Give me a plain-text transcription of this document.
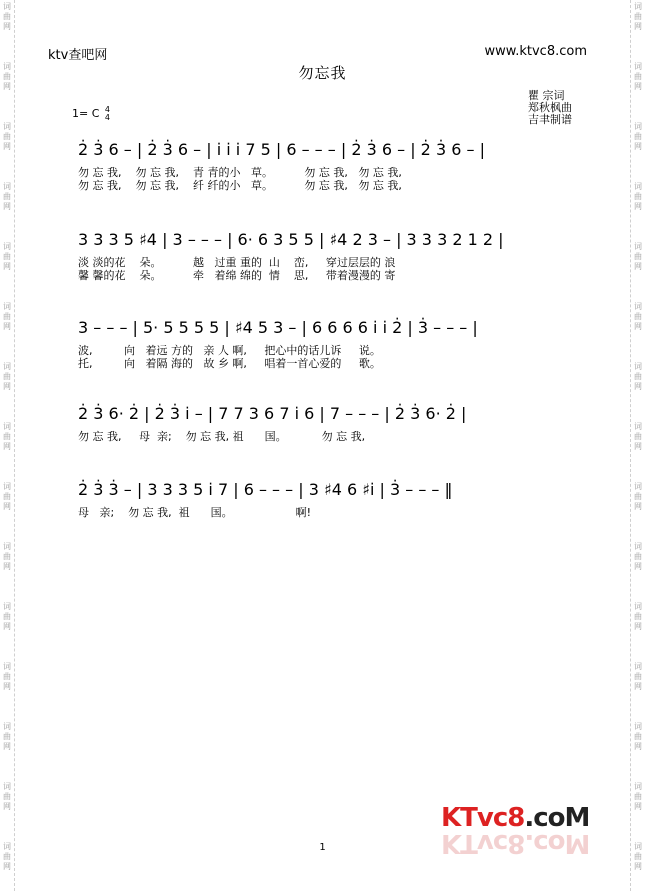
词
曲
网
词
曲
网
词
曲
网
词
曲
网
词
曲
网
词
曲
网
词
曲
网
词
曲
网
词
曲
网
词
曲
网
词
曲
网
词
曲
网
词
曲
网
词
曲
网
词
曲
网
词
曲
网
词
曲
网
词
曲
网
词
曲
网
词
曲
网
词
曲
网
词
曲
网
词
曲
网
词
曲
网
词
曲
网
词
曲
网
词
曲
网
词
曲
网
词
曲
网
词
曲
网
ktv查吧网	www.ktvc8.com
勿忘我
瞿 宗词
郑秋枫曲
吉聿制谱
1= C 4
4
2̇ 3̇ 6 – | 2̇ 3̇ 6 – | i̇ i̇ i̇ 7 5 | 6 – – – | 2̇ 3̇ 6 – | 2̇ 3̇ 6 – |
勿 忘 我,    勿 忘 我,    青 青的小   草。         勿 忘 我,   勿 忘 我,
勿 忘 我,    勿 忘 我,    纤 纤的小   草。         勿 忘 我,   勿 忘 我,
3 3 3 5 ♯4 | 3 – – – | 6· 6 3 5 5 | ♯4 2 3 – | 3 3 3 2 1 2 |
淡 淡的花    朵。         越   过重 重的  山    峦,     穿过层层的 浪
馨 馨的花    朵。         牵   着绵 绵的  情    思,     带着漫漫的 寄
3 – – – | 5· 5 5 5 5 | ♯4 5 3 – | 6 6 6 6 i̇ i̇ 2̇ | 3̇ – – – |
波,         向   着远 方的   亲 人 啊,     把心中的话儿诉     说。
托,         向   着隔 海的   故 乡 啊,     唱着一首心爱的     歌。
2̇ 3̇ 6· 2̇ | 2̇ 3̇ i̇ – | 7 7 3 6 7 i̇ 6 | 7 – – – | 2̇ 3̇ 6· 2̇ |
勿 忘 我,     母  亲;    勿 忘 我, 祖      国。          勿 忘 我,
2̇ 3̇ 3̇ – | 3 3 3 5 i̇ 7 | 6 – – – | 3 ♯4 6 ♯i̇ | 3̇ – – – ‖
母   亲;    勿 忘 我,  祖      国。                  啊!
KTvc8.coM
KTvc8.coM
1
